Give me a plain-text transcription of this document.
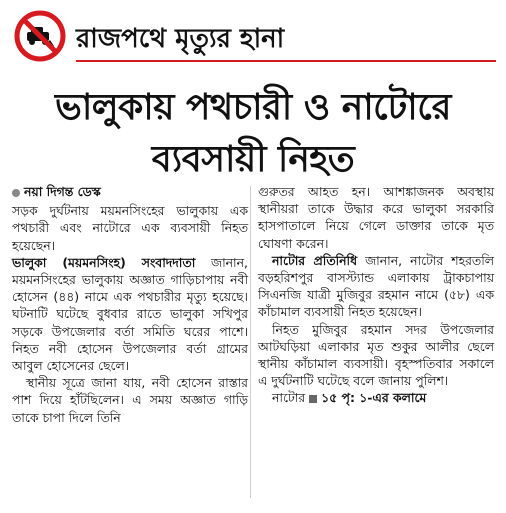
রাজপথে মৃত্যুর হানা
ভালুকায় পথচারী ও নাটোরে
ব্যবসায়ী নিহত
নয়া দিগন্ত ডেস্ক

সড়ক দুর্ঘটনায় ময়মনসিংহের ভালুকায় এক পথচারী এবং নাটোরে এক ব্যবসায়ী নিহত হয়েছেন।

ভালুকা (ময়মনসিংহ) সংবাদদাতা জানান, ময়মনসিংহের ভালুকায় অজ্ঞাত গাড়িচাপায় নবী হোসেন (৪৪) নামে এক পথচারীর মৃত্যু হয়েছে। ঘটনাটি ঘটেছে বুধবার রাতে ভালুকা সখিপুর সড়কে উপজেলার বর্তা সমিতি ঘরের পাশে। নিহত নবী হোসেন উপজেলার বর্তা গ্রামের আবুল হোসেনের ছেলে।

স্থানীয় সূত্রে জানা যায়, নবী হোসেন রাস্তার পাশ দিয়ে হাঁটছিলেন। এ সময় অজ্ঞাত গাড়ি তাকে চাপা দিলে তিনি

গুরুতর আহত হন। আশঙ্কাজনক অবস্থায় স্থানীয়রা তাকে উদ্ধার করে ভালুকা সরকারি হাসপাতালে নিয়ে গেলে ডাক্তার তাকে মৃত ঘোষণা করেন।

নাটোর প্রতিনিধি জানান, নাটোর শহরতলি বড়হরিশপুর বাসস্ট্যান্ড এলাকায় ট্রাকচাপায় সিএনজি যাত্রী মুজিবুর রহমান নামে (৫৮) এক কাঁচামাল ব্যবসায়ী নিহত হয়েছেন।

নিহত মুজিবুর রহমান সদর উপজেলার আটঘড়িয়া এলাকার মৃত শুকুর আলীর ছেলে স্থানীয় কাঁচামাল ব্যবসায়ী। বৃহস্পতিবার সকালে এ দুর্ঘটনাটি ঘটেছে বলে জানায় পুলিশ।

নাটোর ১৫ পৃ: ১-এর কলামে
